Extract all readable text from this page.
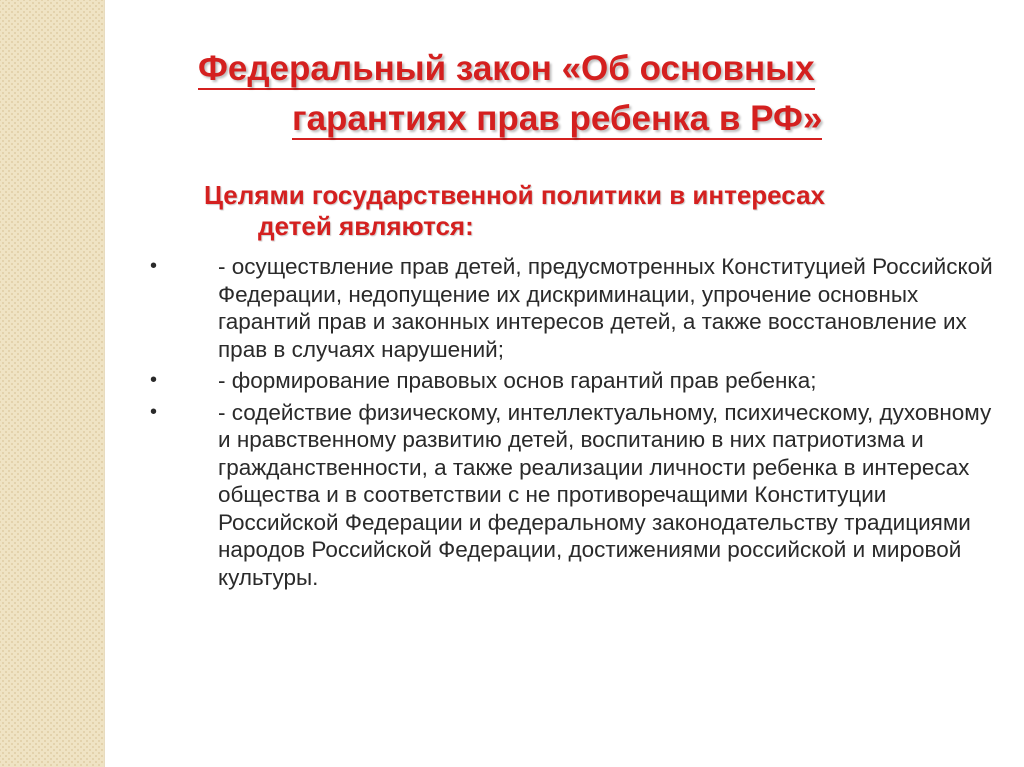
Федеральный закон «Об основных
гарантиях прав ребенка в РФ»
Целями государственной политики в интересах
детей являются:
•	- осуществление прав детей, предусмотренных Конституцией Российской Федерации, недопущение их дискриминации, упрочение основных гарантий прав и законных интересов детей, а также восстановление их прав в случаях нарушений;
•	- формирование правовых основ гарантий прав ребенка;
•	- содействие физическому, интеллектуальному, психическому, духовному и нравственному развитию детей, воспитанию в них патриотизма и гражданственности, а также реализации личности ребенка в интересах общества и в соответствии с не противоречащими Конституции Российской Федерации и федеральному законодательству традициями народов Российской Федерации, достижениями российской и мировой культуры.
